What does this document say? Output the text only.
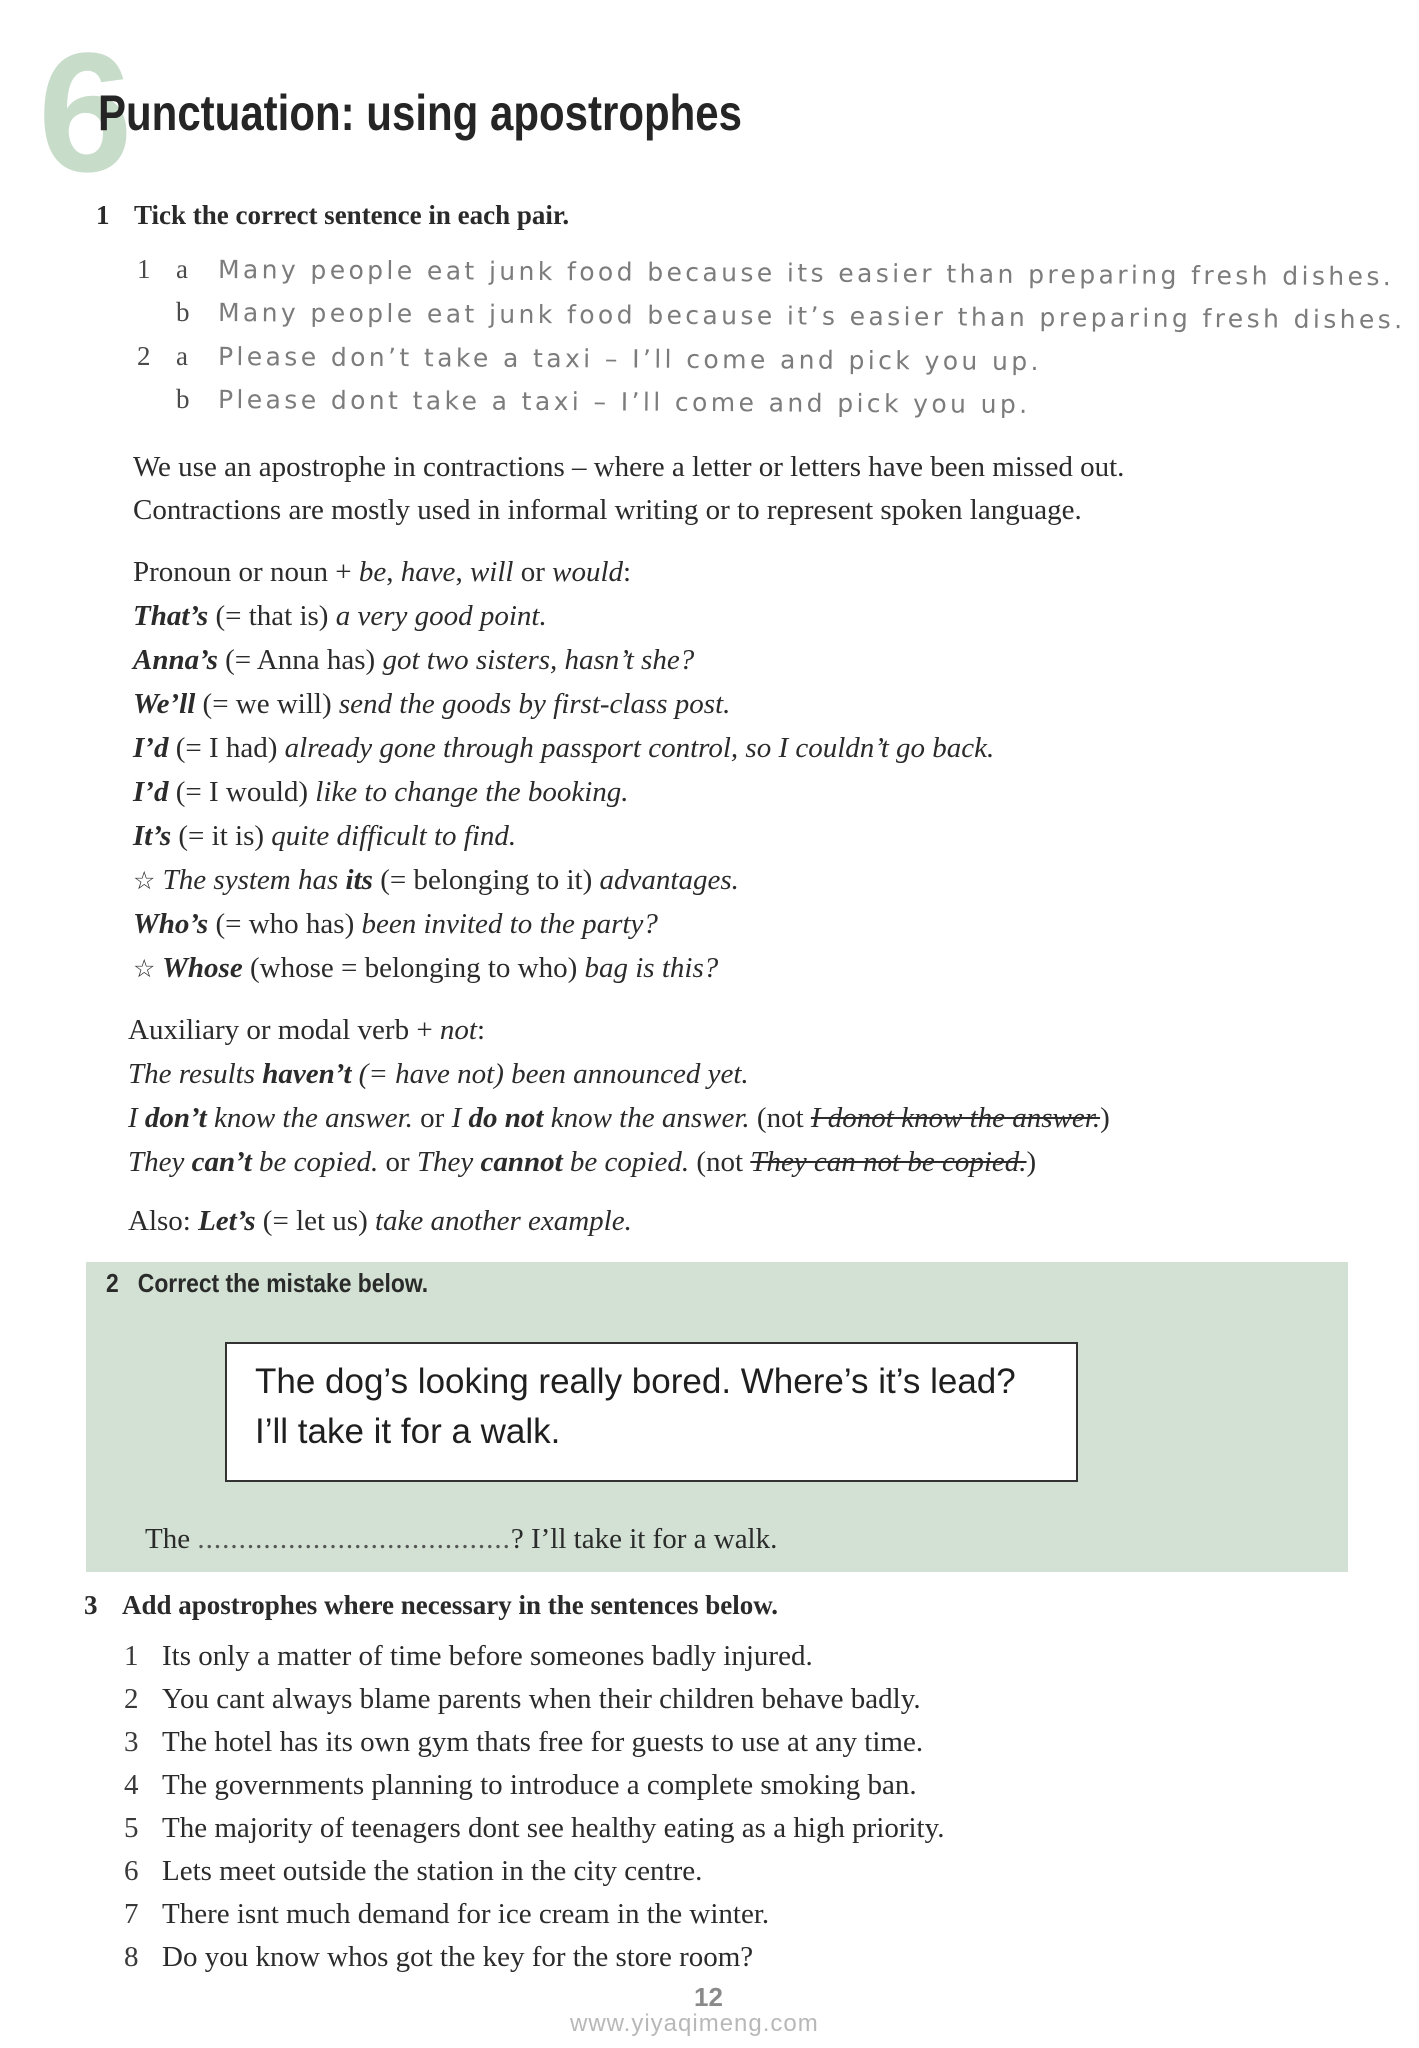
6
Punctuation: using apostrophes
1 Tick the correct sentence in each pair.
1 a Many people eat junk food because its easier than preparing fresh dishes.
b Many people eat junk food because it’s easier than preparing fresh dishes.
2 a Please don’t take a taxi – I’ll come and pick you up.
b Please dont take a taxi – I’ll come and pick you up.
We use an apostrophe in contractions – where a letter or letters have been missed out.
Contractions are mostly used in informal writing or to represent spoken language.
Pronoun or noun + be, have, will or would:
That’s (= that is) a very good point.
Anna’s (= Anna has) got two sisters, hasn’t she?
We’ll (= we will) send the goods by first-class post.
I’d (= I had) already gone through passport control, so I couldn’t go back.
I’d (= I would) like to change the booking.
It’s (= it is) quite difficult to find.
☆ The system has its (= belonging to it) advantages.
Who’s (= who has) been invited to the party?
☆ Whose (whose = belonging to who) bag is this?
Auxiliary or modal verb + not:
The results haven’t (= have not) been announced yet.
I don’t know the answer. or I do not know the answer. (not I donot know the answer.)
They can’t be copied. or They cannot be copied. (not They can not be copied.)
Also: Let’s (= let us) take another example.
2 Correct the mistake below.
The dog’s looking really bored. Where’s it’s lead?
I’ll take it for a walk.
The ......................................? I’ll take it for a walk.
3 Add apostrophes where necessary in the sentences below.
1 Its only a matter of time before someones badly injured.
2 You cant always blame parents when their children behave badly.
3 The hotel has its own gym thats free for guests to use at any time.
4 The governments planning to introduce a complete smoking ban.
5 The majority of teenagers dont see healthy eating as a high priority.
6 Lets meet outside the station in the city centre.
7 There isnt much demand for ice cream in the winter.
8 Do you know whos got the key for the store room?
12
www.yiyaqimeng.com
